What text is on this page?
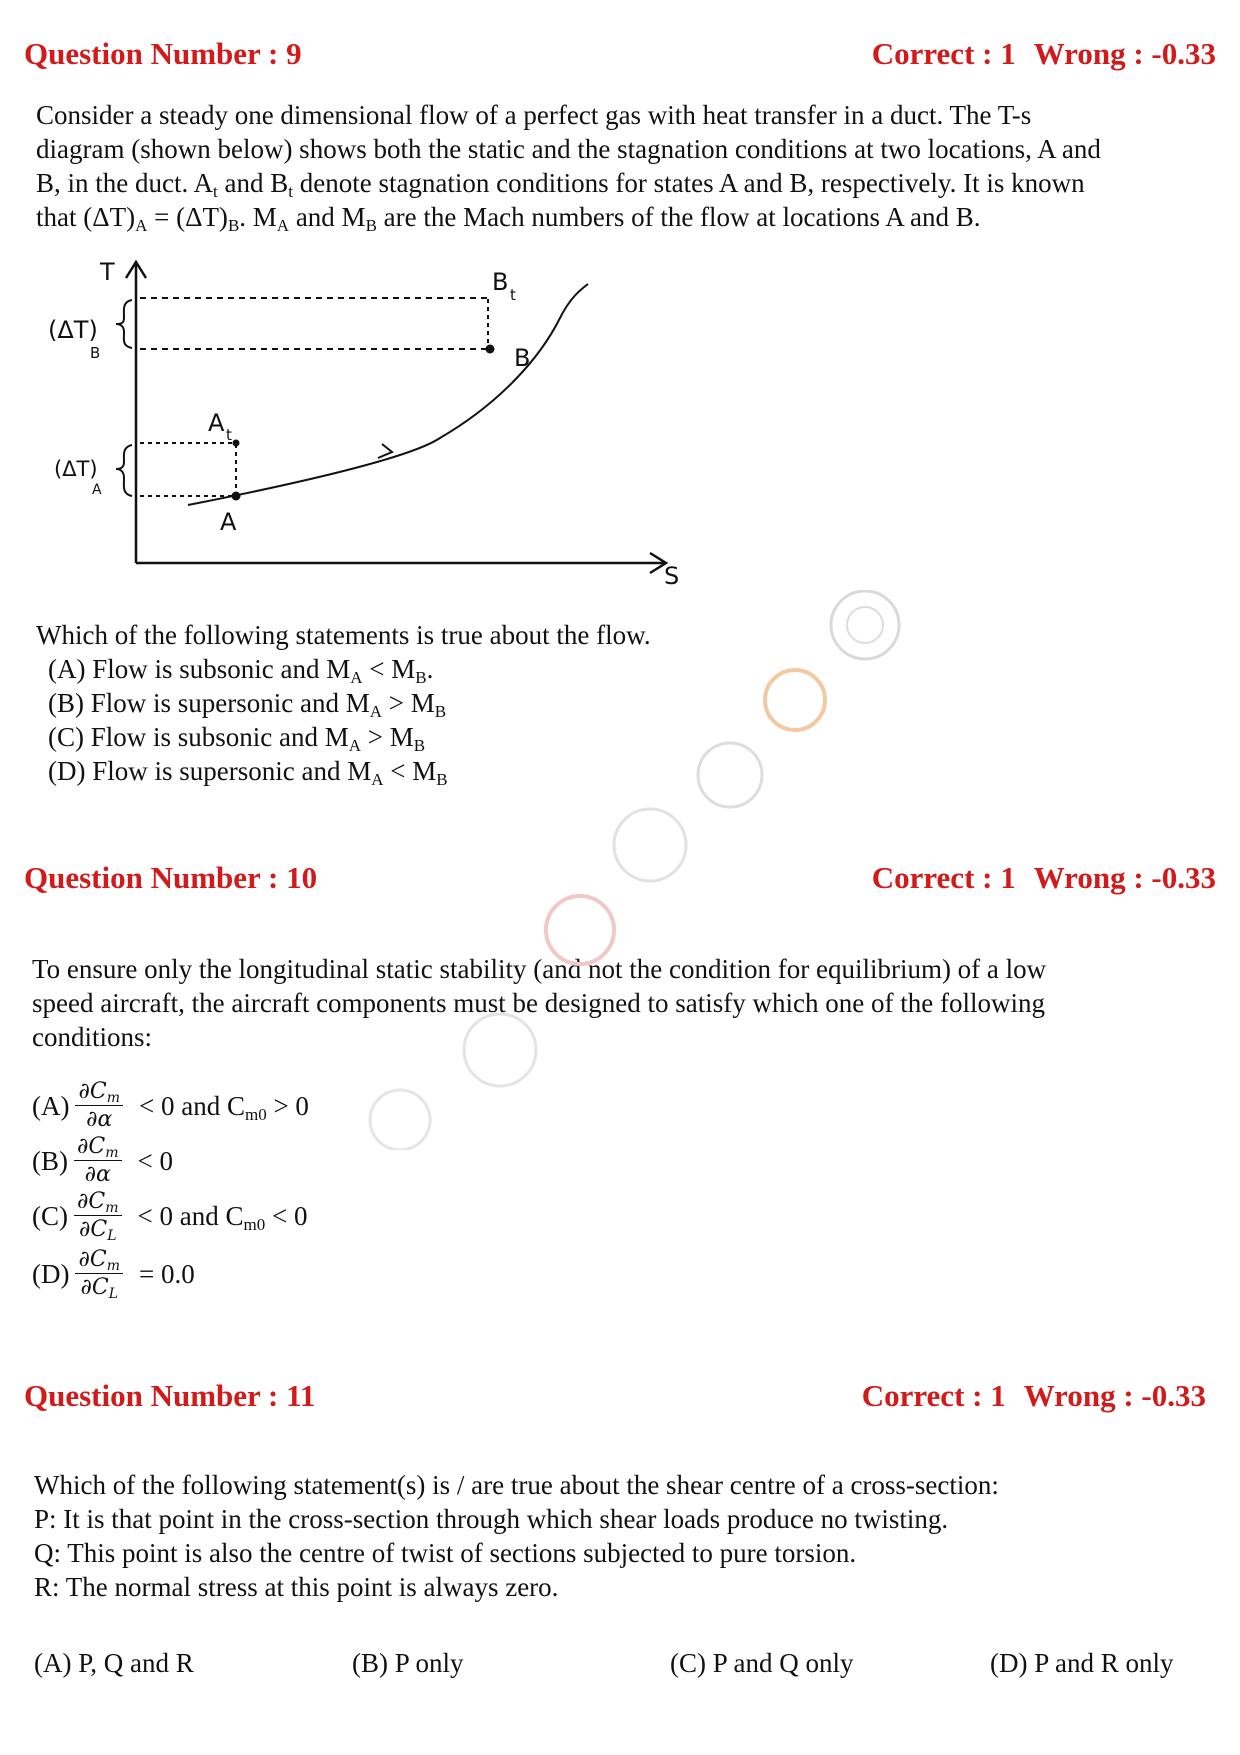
Question Number : 9	Correct : 1 Wrong : -0.33

Consider a steady one dimensional flow of a perfect gas with heat transfer in a duct. The T-s

diagram (shown below) shows both the static and the stagnation conditions at two locations, A and

B, in the duct. $A_t$ and $B_t$ denote stagnation conditions for states A and B, respectively. It is known

that $(\Delta T)_A = (\Delta T)_B$. $M_A$ and $M_B$ are the Mach numbers of the flow at locations A and B.

T
S
A
A t
B
B t
(ΔT)
B
(ΔT)
A

Which of the following statements is true about the flow.

(A) Flow is subsonic and $M_A < M_B$.
(B) Flow is supersonic and $M_A > M_B$
(C) Flow is subsonic and $M_A > M_B$
(D) Flow is supersonic and $M_A < M_B$
Question Number : 10	Correct : 1 Wrong : -0.33

To ensure only the longitudinal static stability (and not the condition for equilibrium) of a low

speed aircraft, the aircraft components must be designed to satisfy which one of the following

conditions:

$(A) \frac{\partial C_m}{\partial\alpha} < 0$ and $C_{m0} > 0$
$(B) \frac{\partial C_m}{\partial\alpha} < 0$
$(C) \frac{\partial C_m}{\partial C_L} < 0$ and $C_{m0} < 0$
$(D) \frac{\partial C_m}{\partial C_L} = 0.0$
Question Number : 11	Correct : 1 Wrong : -0.33

Which of the following statement(s) is / are true about the shear centre of a cross-section:

P: It is that point in the cross-section through which shear loads produce no twisting.

Q: This point is also the centre of twist of sections subjected to pure torsion.

R: The normal stress at this point is always zero.

(A) P, Q and R	(B) P only	(C) P and Q only	(D) P and R only
